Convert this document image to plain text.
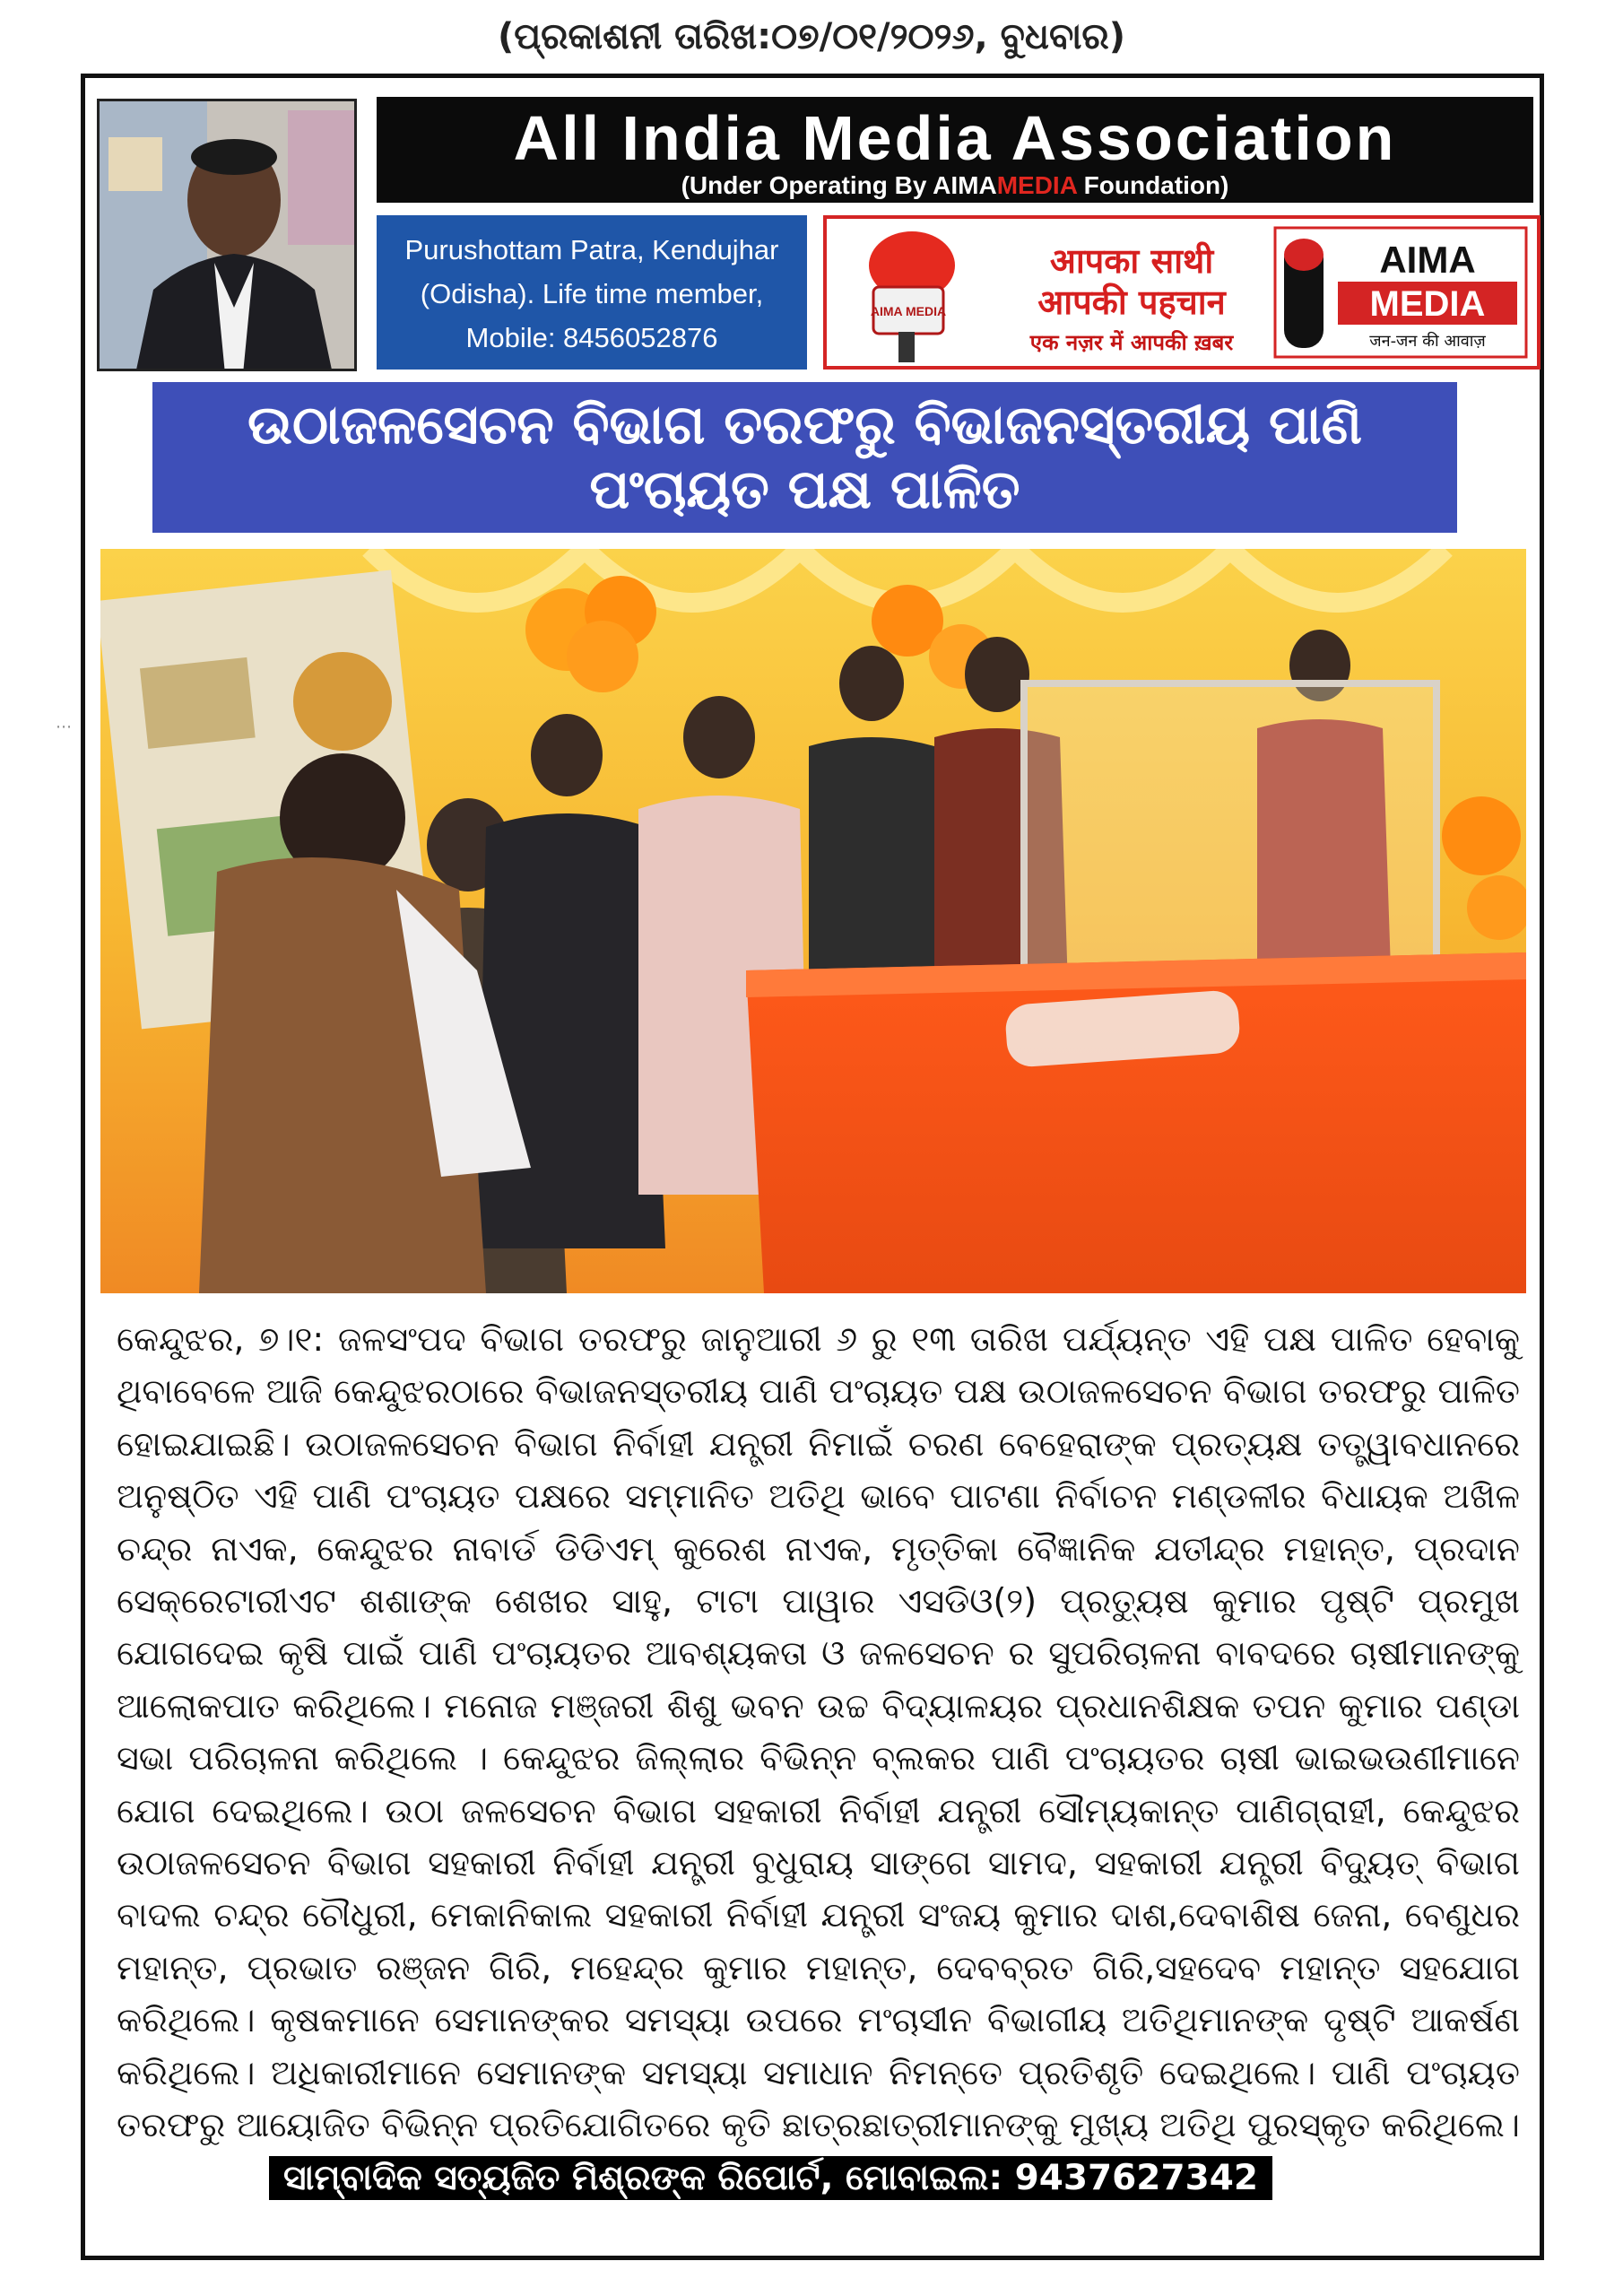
(ପ୍ରକାଶନୀ ତାରିଖ:୦୭/୦୧/୨୦୨୬, ବୁଧବାର)
⋯
All India Media Association
(Under Operating By AIMAMEDIA Foundation)
Purushottam Patra, Kendujhar
(Odisha). Life time member,
Mobile: 8456052876
AIMA MEDIA
आपका साथी
आपकी पहचान
एक नज़र में आपकी ख़बर
AIMA
MEDIA
जन-जन की आवाज़
ଉଠାଜଳସେଚନ ବିଭାଗ ତରଫରୁ ବିଭାଜନସ୍ତରୀୟ ପାଣି
ପଂଚାୟତ ପକ୍ଷ ପାଳିତ

କେନ୍ଦୁଝର, ୭।୧: ଜଳସଂପଦ ବିଭାଗ ତରଫରୁ ଜାନୁଆରୀ ୬ ରୁ ୧୩ ତାରିଖ ପର୍ଯ୍ୟନ୍ତ ଏହି ପକ୍ଷ ପାଳିତ ହେବାକୁ ଥିବାବେଳେ ଆଜି କେନ୍ଦୁଝରଠାରେ ବିଭାଜନସ୍ତରୀୟ ପାଣି ପଂଚାୟତ ପକ୍ଷ ଉଠାଜଳସେଚନ ବିଭାଗ ତରଫରୁ ପାଳିତ ହୋଇଯାଇଛି। ଉଠାଜଳସେଚନ ବିଭାଗ ନିର୍ବାହୀ ଯନ୍ତ୍ରୀ ନିମାଇଁ ଚରଣ ବେହେରାଙ୍କ ପ୍ରତ୍ୟକ୍ଷ ତତ୍ତ୍ୱାବଧାନରେ ଅନୁଷ୍ଠିତ ଏହି ପାଣି ପଂଚାୟତ ପକ୍ଷରେ ସମ୍ମାନିତ ଅତିଥି ଭାବେ ପାଟଣା ନିର୍ବାଚନ ମଣ୍ଡଳୀର ବିଧାୟକ ଅଖିଳ ଚନ୍ଦ୍ର ନାଏକ, କେନ୍ଦୁଝର ନାବାର୍ଡ ଡିଡିଏମ୍ କୁରେଶ ନାଏକ, ମୃତ୍ତିକା ବୈଜ୍ଞାନିକ ଯତୀନ୍ଦ୍ର ମହାନ୍ତ, ପ୍ରଦାନ ସେକ୍ରେଟାରୀଏଟ ଶଶାଙ୍କ ଶେଖର ସାହୁ, ଟାଟା ପାୱାର ଏସଡିଓ(୨) ପ୍ରତ୍ୟୁଷ କୁମାର ପୃଷ୍ଟି ପ୍ରମୁଖ ଯୋଗଦେଇ କୃଷି ପାଇଁ ପାଣି ପଂଚାୟତର ଆବଶ୍ୟକତା ଓ ଜଳସେଚନ ର ସୁପରିଚାଳନା ବାବଦରେ ଚାଷୀମାନଙ୍କୁ ଆଲୋକପାତ କରିଥିଲେ। ମନୋଜ ମଞ୍ଜରୀ ଶିଶୁ ଭବନ ଉଚ୍ଚ ବିଦ୍ୟାଳୟର ପ୍ରଧାନଶିକ୍ଷକ ତପନ କୁମାର ପଣ୍ଡା ସଭା ପରିଚାଳନା କରିଥିଲେ । କେନ୍ଦୁଝର ଜିଲ୍ଲାର ବିଭିନ୍ନ ବ୍ଲକର ପାଣି ପଂଚାୟତର ଚାଷୀ ଭାଇଭଉଣୀମାନେ ଯୋଗ ଦେଇଥିଲେ। ଉଠା ଜଳସେଚନ ବିଭାଗ ସହକାରୀ ନିର୍ବାହୀ ଯନ୍ତ୍ରୀ ସୌମ୍ୟକାନ୍ତ ପାଣିଗ୍ରାହୀ, କେନ୍ଦୁଝର ଉଠାଜଳସେଚନ ବିଭାଗ ସହକାରୀ ନିର୍ବାହୀ ଯନ୍ତ୍ରୀ ବୁଧୁରାୟ ସାଙ୍ଗେ ସାମଦ, ସହକାରୀ ଯନ୍ତ୍ରୀ ବିଦ୍ୟୁତ୍ ବିଭାଗ ବାଦଲ ଚନ୍ଦ୍ର ଚୌଧୁରୀ, ମେକାନିକାଲ ସହକାରୀ ନିର୍ବାହୀ ଯନ୍ତ୍ରୀ ସଂଜୟ କୁମାର ଦାଶ,ଦେବାଶିଷ ଜେନା, ବେଣୁଧର ମହାନ୍ତ, ପ୍ରଭାତ ରଞ୍ଜନ ଗିରି, ମହେନ୍ଦ୍ର କୁମାର ମହାନ୍ତ, ଦେବବ୍ରତ ଗିରି,ସହଦେବ ମହାନ୍ତ ସହଯୋଗ କରିଥିଲେ। କୃଷକମାନେ ସେମାନଙ୍କର ସମସ୍ୟା ଉପରେ ମଂଚାସୀନ ବିଭାଗୀୟ ଅତିଥିମାନଙ୍କ ଦୃଷ୍ଟି ଆକର୍ଷଣ କରିଥିଲେ। ଅଧିକାରୀମାନେ ସେମାନଙ୍କ ସମସ୍ୟା ସମାଧାନ ନିମନ୍ତେ ପ୍ରତିଶୃତି ଦେଇଥିଲେ। ପାଣି ପଂଚାୟତ ତରଫରୁ ଆୟୋଜିତ ବିଭିନ୍ନ ପ୍ରତିଯୋଗିତରେ କୃତି ଛାତ୍ରଛାତ୍ରୀମାନଙ୍କୁ ମୁଖ୍ୟ ଅତିଥି ପୁରସ୍କୃତ କରିଥିଲେ।ସାମ୍ବାଦିକ ସତ୍ୟଜିତ ମିଶ୍ରଙ୍କ ରିପୋର୍ଟ, ମୋବାଇଲ: 9437627342
